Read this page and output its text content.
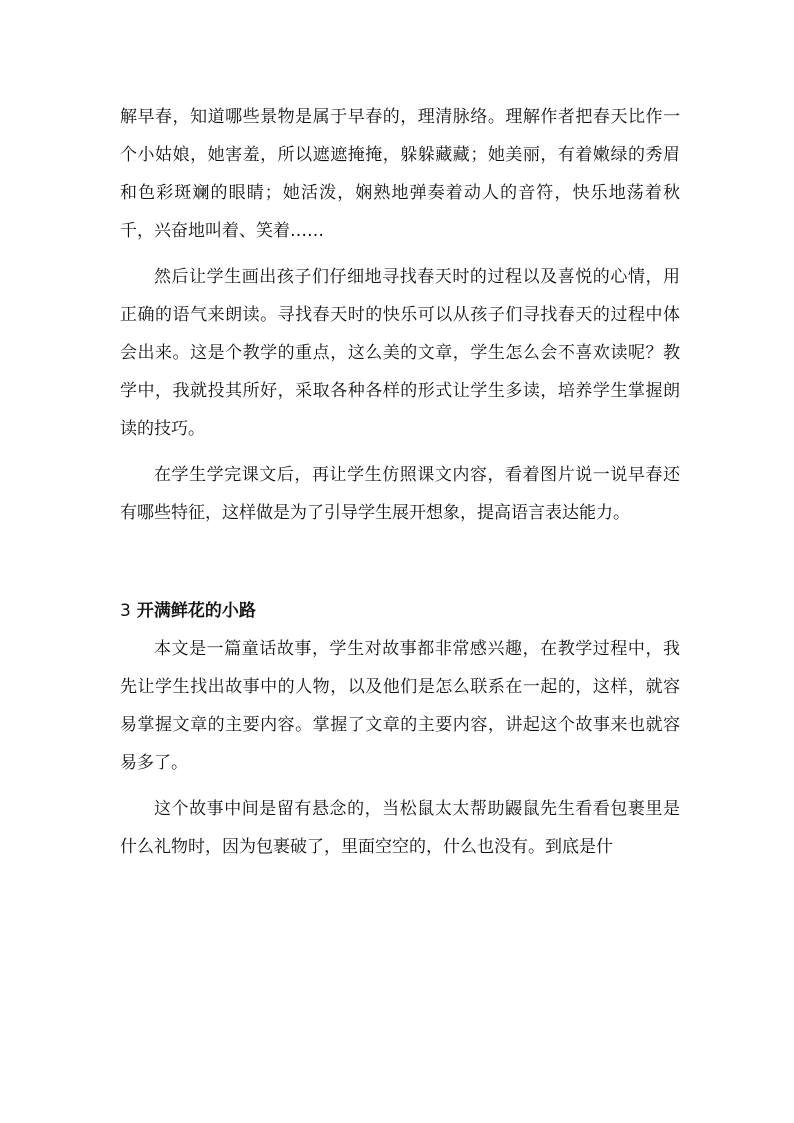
解早春，知道哪些景物是属于早春的，理清脉络。理解作者把春天比作一个小姑娘，她害羞，所以遮遮掩掩，躲躲藏藏；她美丽，有着嫩绿的秀眉和色彩斑斓的眼睛；她活泼，娴熟地弹奏着动人的音符，快乐地荡着秋千，兴奋地叫着、笑着……

然后让学生画出孩子们仔细地寻找春天时的过程以及喜悦的心情，用正确的语气来朗读。寻找春天时的快乐可以从孩子们寻找春天的过程中体会出来。这是个教学的重点，这么美的文章，学生怎么会不喜欢读呢？教学中，我就投其所好，采取各种各样的形式让学生多读，培养学生掌握朗读的技巧。

在学生学完课文后，再让学生仿照课文内容，看着图片说一说早春还有哪些特征，这样做是为了引导学生展开想象，提高语言表达能力。

3 开满鲜花的小路

本文是一篇童话故事，学生对故事都非常感兴趣，在教学过程中，我先让学生找出故事中的人物，以及他们是怎么联系在一起的，这样，就容易掌握文章的主要内容。掌握了文章的主要内容，讲起这个故事来也就容易多了。

这个故事中间是留有悬念的，当松鼠太太帮助鼹鼠先生看看包裹里是什么礼物时，因为包裹破了，里面空空的，什么也没有。到底是什
